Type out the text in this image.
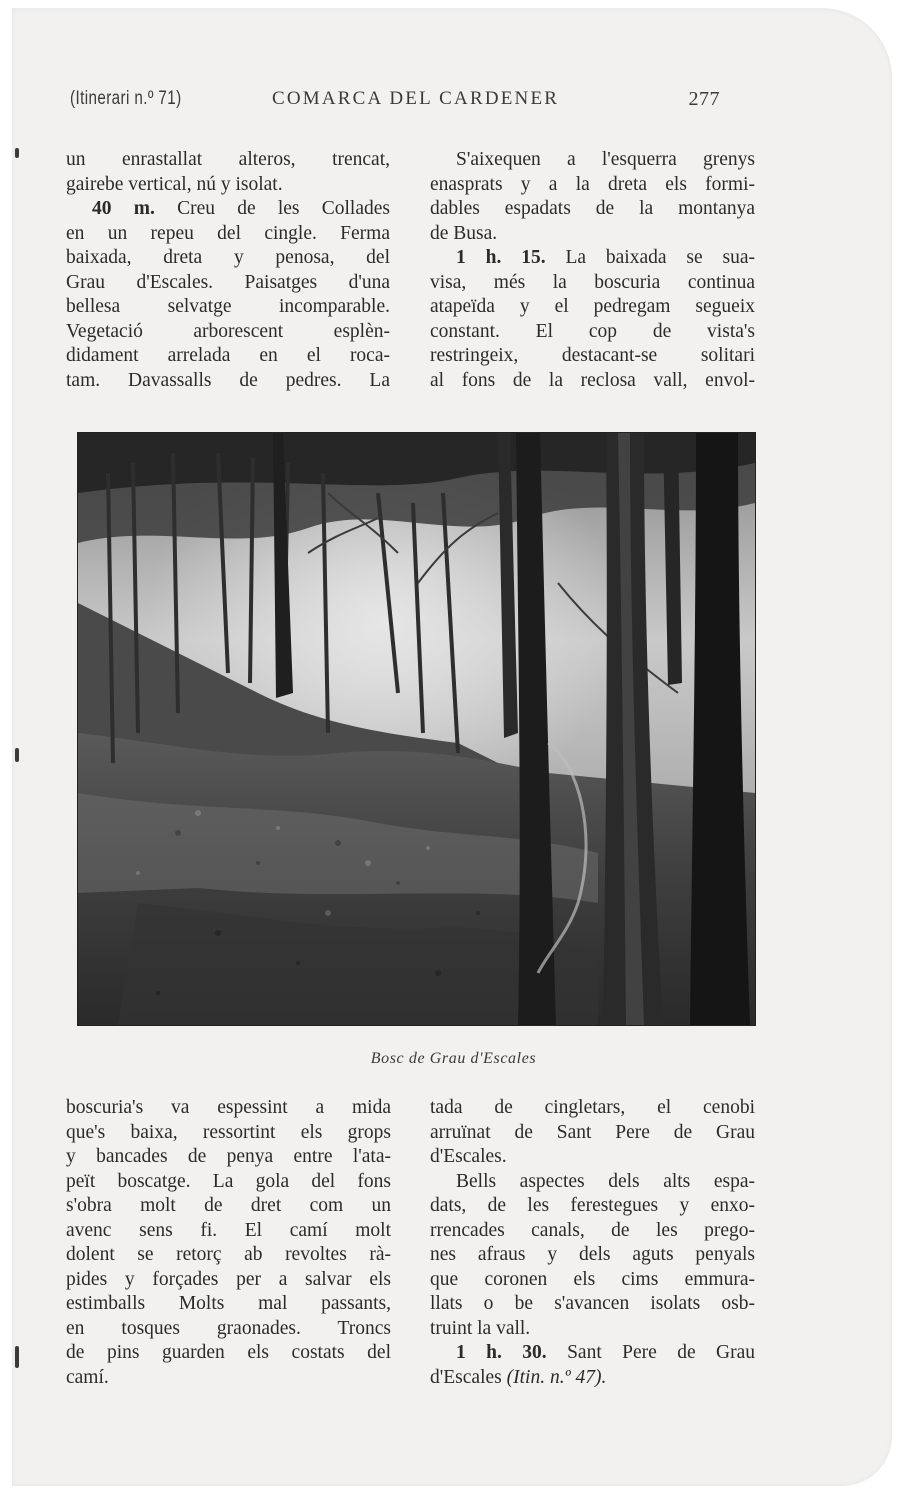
(Itinerari n.º 71)	COMARCA DEL CARDENER	277

un enrastallat alteros, trencat,
gairebe vertical, nú y isolat.

40 m. Creu de les Collades
en un repeu del cingle. Ferma
baixada, dreta y penosa, del
Grau d'Escales. Paisatges d'una
bellesa selvatge incomparable.
Vegetació arborescent esplèn-
didament arrelada en el roca-
tam. Davassalls de pedres. La

S'aixequen a l'esquerra grenys
enasprats y a la dreta els formi-
dables espadats de la montanya
de Busa.

1 h. 15. La baixada se sua-
visa, més la boscuria continua
atapeïda y el pedregam segueix
constant. El cop de vista's
restringeix, destacant-se solitari
al fons de la reclosa vall, envol-

Bosc de Grau d'Escales

boscuria's va espessint a mida
que's baixa, ressortint els grops
y bancades de penya entre l'ata-
peït boscatge. La gola del fons
s'obra molt de dret com un
avenc sens fi. El camí molt
dolent se retorç ab revoltes rà-
pides y forçades per a salvar els
estimballs Molts mal passants,
en tosques graonades. Troncs
de pins guarden els costats del
camí.

tada de cingletars, el cenobi
arruïnat de Sant Pere de Grau
d'Escales.

Bells aspectes dels alts espa-
dats, de les ferestegues y enxo-
rrencades canals, de les prego-
nes afraus y dels aguts penyals
que coronen els cims emmura-
llats o be s'avancen isolats osb-
truint la vall.

1 h. 30. Sant Pere de Grau
d'Escales (Itin. n.º 47).
